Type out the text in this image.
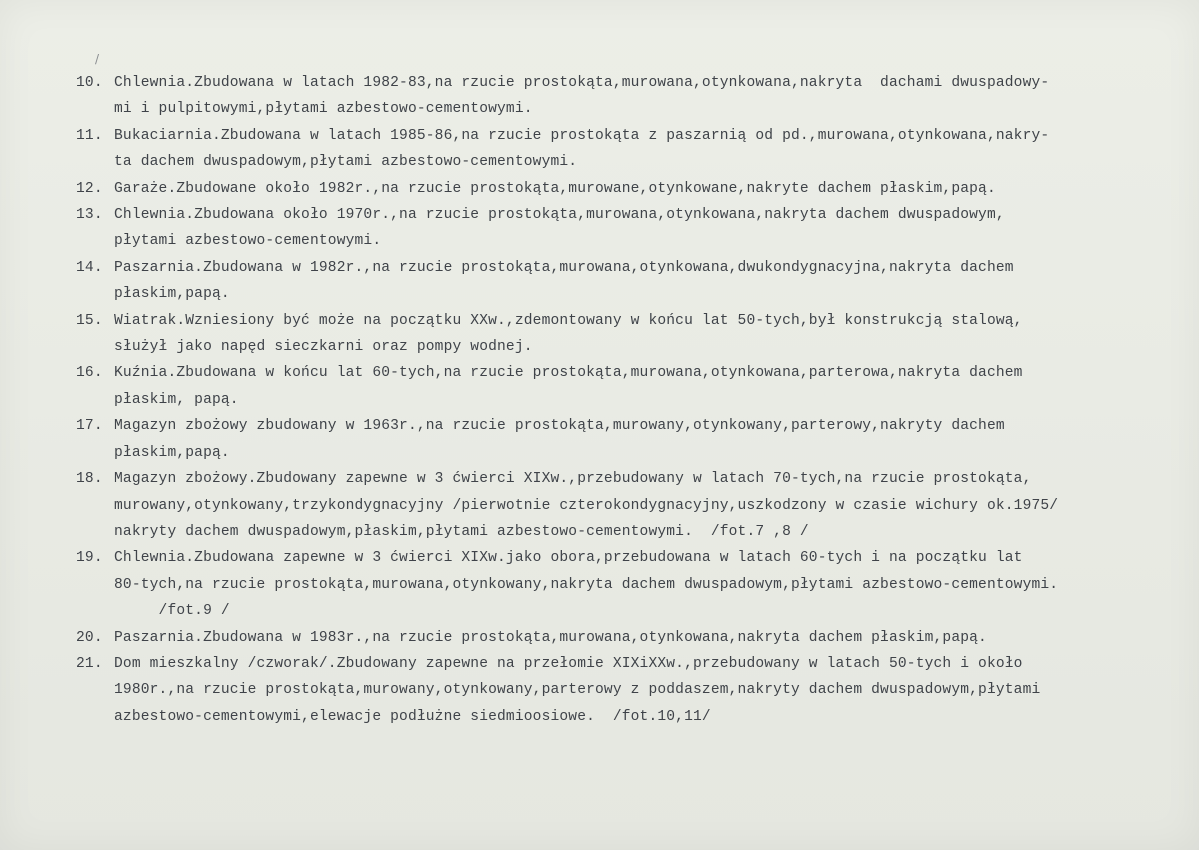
/
10. Chlewnia.Zbudowana w latach 1982-83,na rzucie prostokąta,murowana,otynkowana,nakryta  dachami dwuspadowy-
mi i pulpitowymi,płytami azbestowo-cementowymi.
11. Bukaciarnia.Zbudowana w latach 1985-86,na rzucie prostokąta z paszarnią od pd.,murowana,otynkowana,nakry-
ta dachem dwuspadowym,płytami azbestowo-cementowymi.
12. Garaże.Zbudowane około 1982r.,na rzucie prostokąta,murowane,otynkowane,nakryte dachem płaskim,papą.
13. Chlewnia.Zbudowana około 1970r.,na rzucie prostokąta,murowana,otynkowana,nakryta dachem dwuspadowym,
płytami azbestowo-cementowymi.
14. Paszarnia.Zbudowana w 1982r.,na rzucie prostokąta,murowana,otynkowana,dwukondygnacyjna,nakryta dachem
płaskim,papą.
15. Wiatrak.Wzniesiony być może na początku XXw.,zdemontowany w końcu lat 50-tych,był konstrukcją stalową,
służył jako napęd sieczkarni oraz pompy wodnej.
16. Kuźnia.Zbudowana w końcu lat 60-tych,na rzucie prostokąta,murowana,otynkowana,parterowa,nakryta dachem
płaskim, papą.
17. Magazyn zbożowy zbudowany w 1963r.,na rzucie prostokąta,murowany,otynkowany,parterowy,nakryty dachem
płaskim,papą.
18. Magazyn zbożowy.Zbudowany zapewne w 3 ćwierci XIXw.,przebudowany w latach 70-tych,na rzucie prostokąta,
murowany,otynkowany,trzykondygnacyjny /pierwotnie czterokondygnacyjny,uszkodzony w czasie wichury ok.1975/
nakryty dachem dwuspadowym,płaskim,płytami azbestowo-cementowymi.  /fot.7 ,8 /
19. Chlewnia.Zbudowana zapewne w 3 ćwierci XIXw.jako obora,przebudowana w latach 60-tych i na początku lat
80-tych,na rzucie prostokąta,murowana,otynkowany,nakryta dachem dwuspadowym,płytami azbestowo-cementowymi.
/fot.9 /
20. Paszarnia.Zbudowana w 1983r.,na rzucie prostokąta,murowana,otynkowana,nakryta dachem płaskim,papą.
21. Dom mieszkalny /czworak/.Zbudowany zapewne na przełomie XIXiXXw.,przebudowany w latach 50-tych i około
1980r.,na rzucie prostokąta,murowany,otynkowany,parterowy z poddaszem,nakryty dachem dwuspadowym,płytami
azbestowo-cementowymi,elewacje podłużne siedmioosiowe.  /fot.10,11/
